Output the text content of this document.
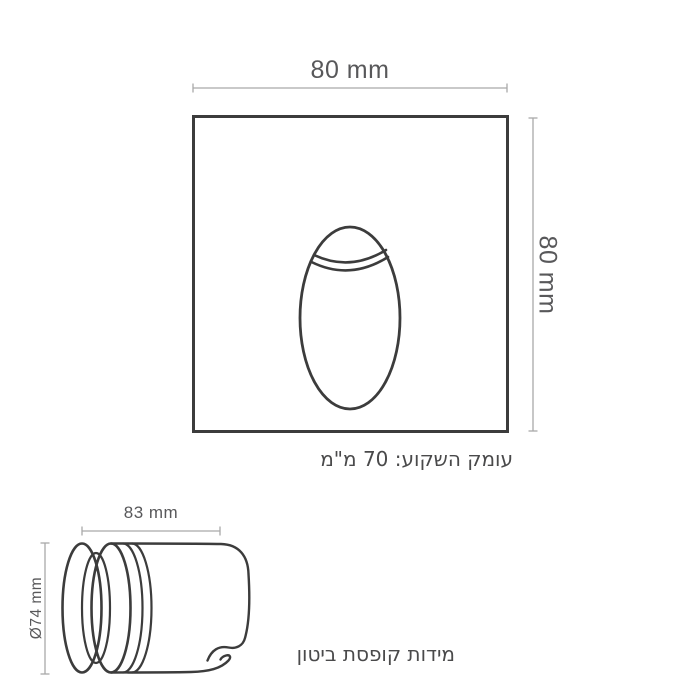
80 mm
80 mm
עומק השקוע: 70 מ"מ
83 mm
Ø74 mm
מידות קופסת ביטון
